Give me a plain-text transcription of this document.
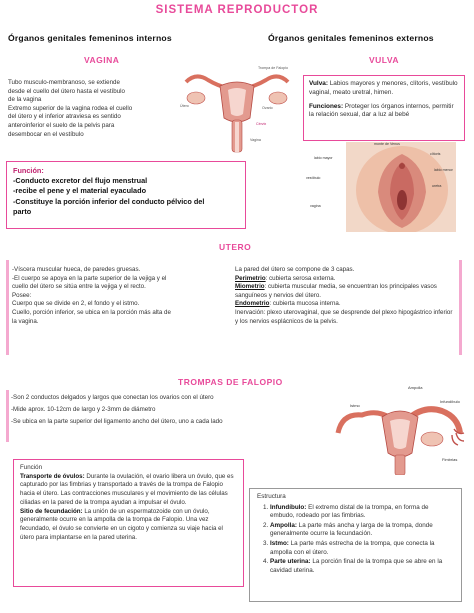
SISTEMA REPRODUCTOR
Órganos genitales femeninos internos	Órganos genitales femeninos externos
VAGINA
Tubo musculo-membranoso, se extiende
desde el cuello del útero hasta el vestíbulo
de la vagina
Extremo superior de la vagina rodea el cuello
del útero y el inferior atraviesa es sentido
anteroinferior el suelo de la pelvis para
desembocar en el vestíbulo
Trompa de Falopio
Útero	Ovario
Cérvix
Vagina
Función:
-Conducto excretor del flujo menstrual
-recibe el pene y el material eyaculado
-Constituye la porción inferior del conducto pélvico del
parto
VULVA
Vulva: Labios mayores y menores, clítoris, vestíbulo vaginal, meato uretral, himen.
Funciones: Proteger los órganos internos, permitir la relación sexual, dar a luz al bebé
monte de Venus
clítoris
labio mayor
labio menor
vestíbulo
uretra
vagina
UTERO
-Víscera muscular hueca, de paredes gruesas.
-El cuerpo se apoya en la parte superior de la vejiga y el
cuello del útero se sitúa entre la vejiga y el recto.
Posee:
Cuerpo que se divide en 2, el fondo y el istmo.
Cuello, porción inferior, se ubica en la porción más alta de
la vagina.
La pared del útero se compone de 3 capas.
Perimetrio: cubierta serosa externa.
Miometrio: cubierta muscular media, se encuentran los principales vasos sanguíneos y nervios del útero.
Endometrio: cubierta mucosa interna.
Inervación: plexo uterovaginal, que se desprende del plexo hipogástrico inferior y los nervios esplácnicos de la pelvis.
TROMPAS DE FALOPIO
-Son 2 conductos delgados y largos que conectan los ovarios con el útero
-Mide aprox. 10-12cm de largo y 2-3mm de diámetro
-Se ubica en la parte superior del ligamento ancho del útero, uno a cada lado
Ampolla
Istmo
Infundíbulo
Fimbrias
Función
Transporte de óvulos: Durante la ovulación, el ovario libera un óvulo, que es capturado por las fimbrias y transportado a través de la trompa de Falopio hacia el útero. Las contracciones musculares y el movimiento de las células ciliadas en la pared de la trompa ayudan a impulsar el óvulo.
Sitio de fecundación: La unión de un espermatozoide con un óvulo, generalmente ocurre en la ampolla de la trompa de Falopio. Una vez fecundado, el óvulo se convierte en un cigoto y comienza su viaje hacia el útero para implantarse en la pared uterina.
Estructura
1. Infundíbulo: El extremo distal de la trompa, en forma de embudo, rodeado por las fimbrias.
2. Ampolla: La parte más ancha y larga de la trompa, donde generalmente ocurre la fecundación.
3. Istmo: La parte más estrecha de la trompa, que conecta la ampolla con el útero.
4. Parte uterina: La porción final de la trompa que se abre en la cavidad uterina.
